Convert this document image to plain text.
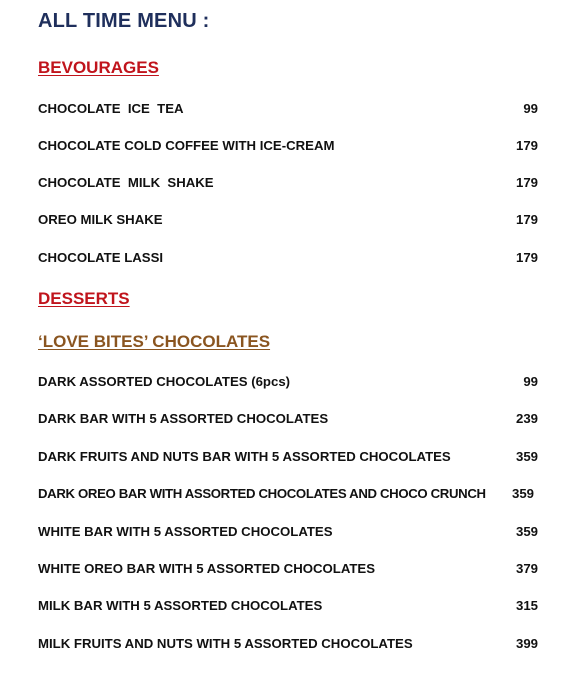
ALL TIME MENU :
BEVOURAGES
CHOCOLATE  ICE  TEA	99
CHOCOLATE COLD COFFEE WITH ICE-CREAM	179
CHOCOLATE  MILK  SHAKE	179
OREO MILK SHAKE	179
CHOCOLATE LASSI	179
DESSERTS
‘LOVE BITES’ CHOCOLATES
DARK ASSORTED CHOCOLATES (6pcs)	99
DARK BAR WITH 5 ASSORTED CHOCOLATES	239
DARK FRUITS AND NUTS BAR WITH 5 ASSORTED CHOCOLATES	359
DARK OREO BAR WITH ASSORTED CHOCOLATES AND CHOCO CRUNCH 359
WHITE BAR WITH 5 ASSORTED CHOCOLATES	359
WHITE OREO BAR WITH 5 ASSORTED CHOCOLATES	379
MILK BAR WITH 5 ASSORTED CHOCOLATES	315
MILK FRUITS AND NUTS WITH 5 ASSORTED CHOCOLATES	399
